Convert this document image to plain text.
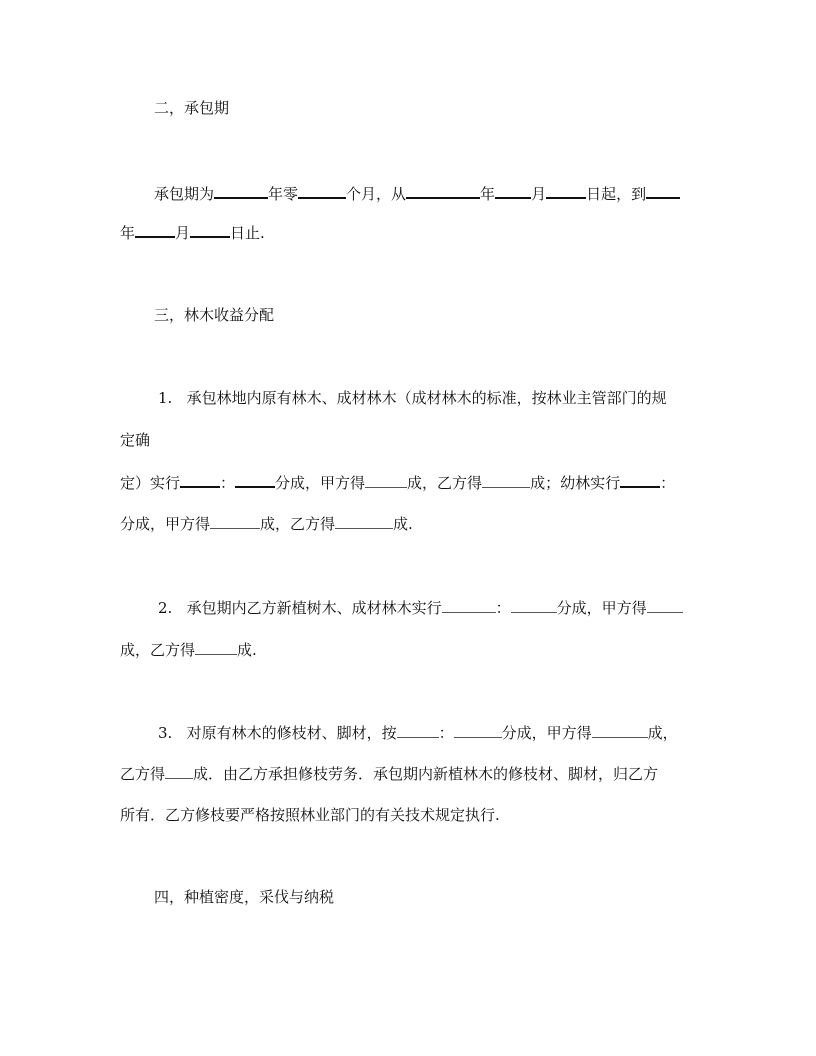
二，承包期
承包期为	年零	个月，从	年 月	日起，到
年	月	日止.
三，林木收益分配
1. 承包林地内原有林木、成材林木（成材林木的标准，按林业主管部门的规
定确
定）实行	：	分成，甲方得	成，乙方得	成；幼林实行	：
分成，甲方得	成，乙方得	成.
2. 承包期内乙方新植树木、成材林木实行	：	分成，甲方得
成，乙方得	成.
3. 对原有林木的修枝材、脚材，按	：	分成，甲方得	成，
乙方得 成．由乙方承担修枝劳务．承包期内新植林木的修枝材、脚材，归乙方
所有．乙方修枝要严格按照林业部门的有关技术规定执行.
四，种植密度，采伐与纳税
